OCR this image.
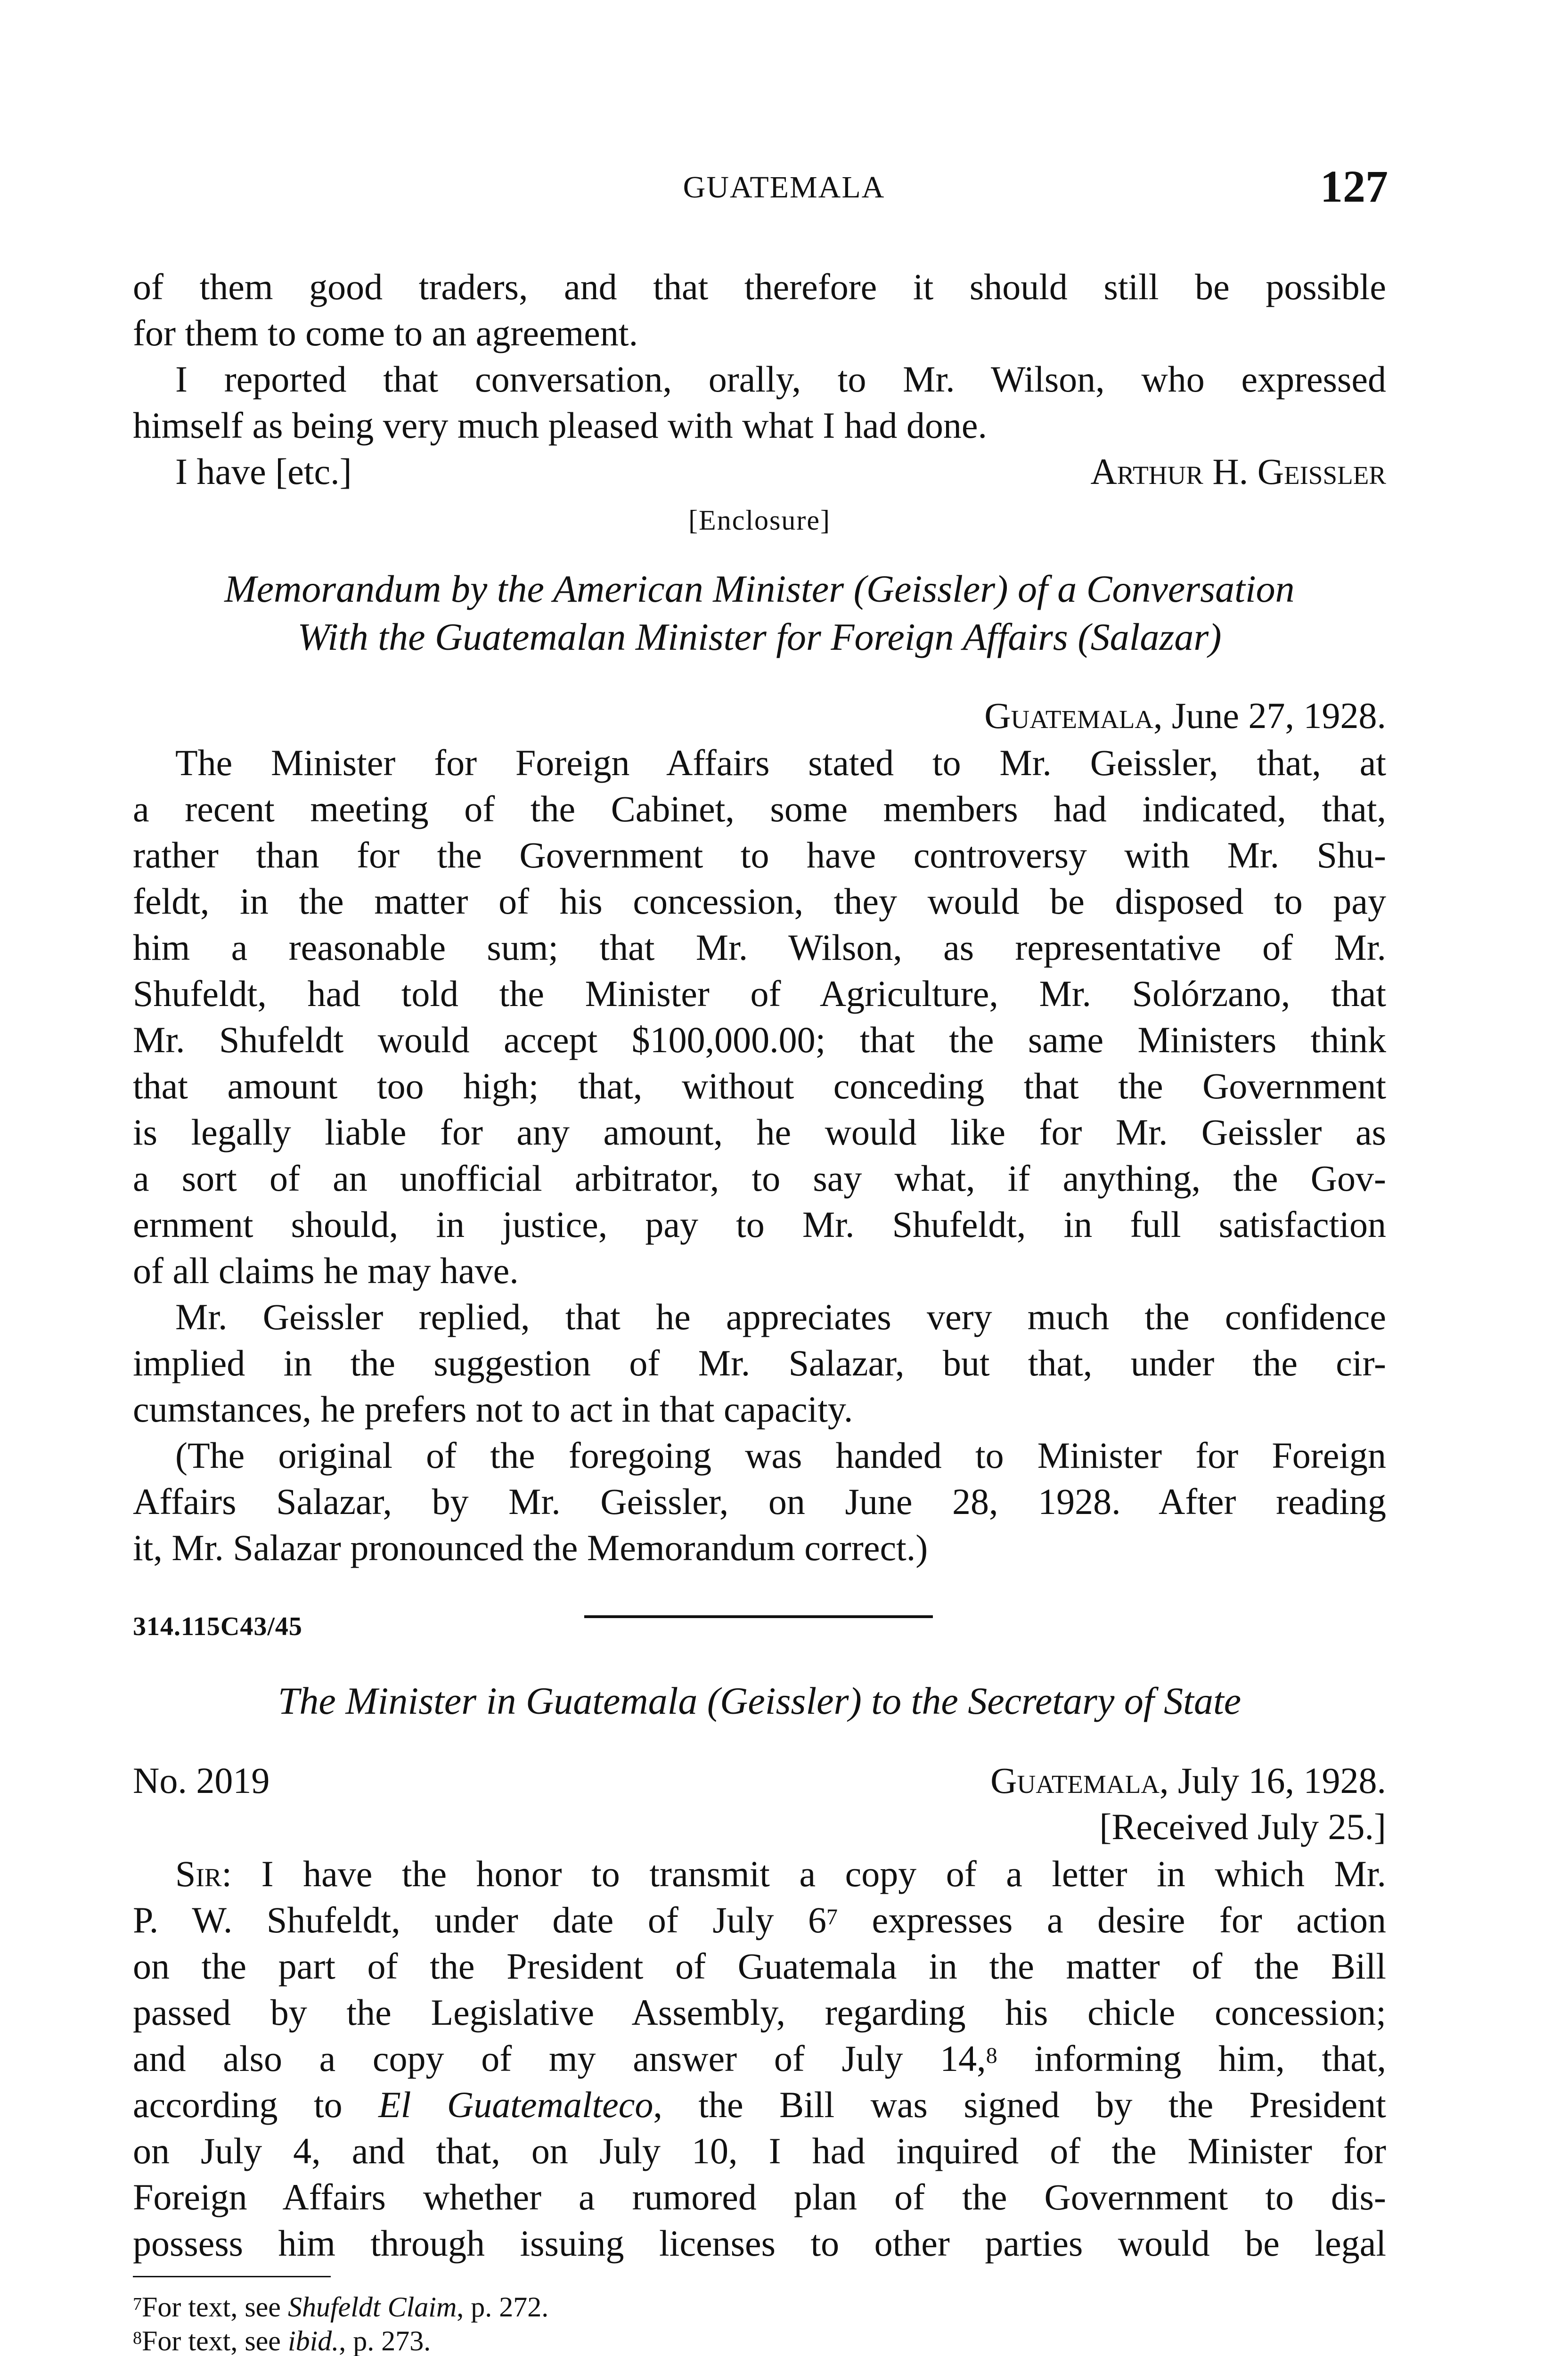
GUATEMALA	127
of them good traders, and that therefore it should still be possible
for them to come to an agreement.
I reported that conversation, orally, to Mr. Wilson, who expressed
himself as being very much pleased with what I had done.
I have [etc.]	Arthur H. Geissler
[Enclosure]
Memorandum by the American Minister (Geissler) of a Conversation
With the Guatemalan Minister for Foreign Affairs (Salazar)
Guatemala, June 27, 1928.
The Minister for Foreign Affairs stated to Mr. Geissler, that, at
a recent meeting of the Cabinet, some members had indicated, that,
rather than for the Government to have controversy with Mr. Shu-
feldt, in the matter of his concession, they would be disposed to pay
him a reasonable sum; that Mr. Wilson, as representative of Mr.
Shufeldt, had told the Minister of Agriculture, Mr. Solórzano, that
Mr. Shufeldt would accept $100,000.00; that the same Ministers think
that amount too high; that, without conceding that the Government
is legally liable for any amount, he would like for Mr. Geissler as
a sort of an unofficial arbitrator, to say what, if anything, the Gov-
ernment should, in justice, pay to Mr. Shufeldt, in full satisfaction
of all claims he may have.
Mr. Geissler replied, that he appreciates very much the confidence
implied in the suggestion of Mr. Salazar, but that, under the cir-
cumstances, he prefers not to act in that capacity.
(The original of the foregoing was handed to Minister for Foreign
Affairs Salazar, by Mr. Geissler, on June 28, 1928. After reading
it, Mr. Salazar pronounced the Memorandum correct.)
314.115C43/45
The Minister in Guatemala (Geissler) to the Secretary of State
No. 2019	Guatemala, July 16, 1928.
[Received July 25.]
Sir: I have the honor to transmit a copy of a letter in which Mr.
P. W. Shufeldt, under date of July $6^7$ expresses a desire for action
on the part of the President of Guatemala in the matter of the Bill
passed by the Legislative Assembly, regarding his chicle concession;
and also a copy of my answer of July 14,$^8$ informing him, that,
according to El Guatemalteco, the Bill was signed by the President
on July 4, and that, on July 10, I had inquired of the Minister for
Foreign Affairs whether a rumored plan of the Government to dis-
possess him through issuing licenses to other parties would be legal
$^7$For text, see Shufeldt Claim, p. 272.
$^8$For text, see ibid., p. 273.
